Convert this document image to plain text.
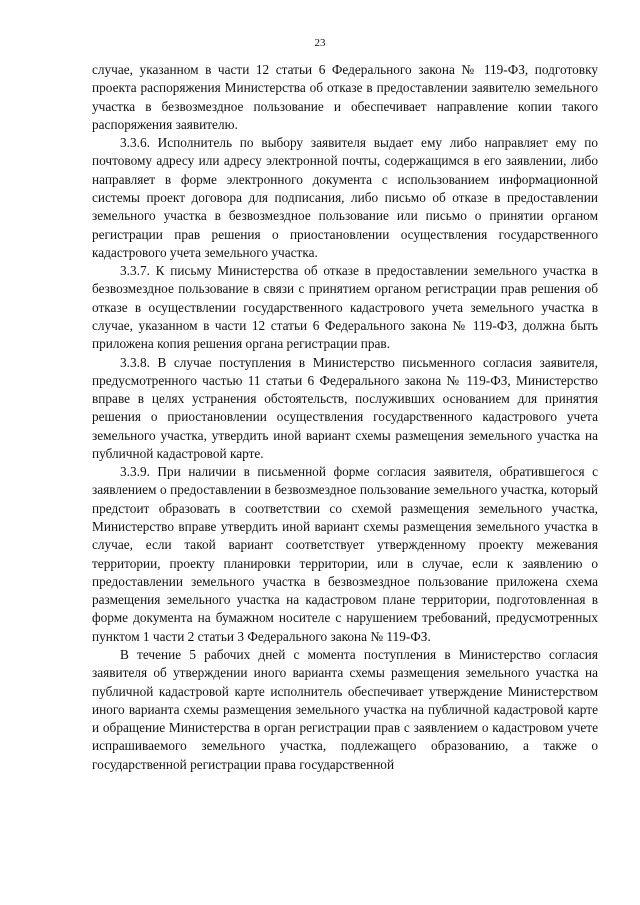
23

случае, указанном в части 12 статьи 6 Федерального закона № 119-ФЗ, подготовку проекта распоряжения Министерства об отказе в предоставлении заявителю земельного участка в безвозмездное пользование и обеспечивает направление копии такого распоряжения заявителю.

3.3.6. Исполнитель по выбору заявителя выдает ему либо направляет ему по почтовому адресу или адресу электронной почты, содержащимся в его заявлении, либо направляет в форме электронного документа с использованием информационной системы проект договора для подписания, либо письмо об отказе в предоставлении земельного участка в безвозмездное пользование или письмо о принятии органом регистрации прав решения о приостановлении осуществления государственного кадастрового учета земельного участка.

3.3.7. К письму Министерства об отказе в предоставлении земельного участка в безвозмездное пользование в связи с принятием органом регистрации прав решения об отказе в осуществлении государственного кадастрового учета земельного участка в случае, указанном в части 12 статьи 6 Федерального закона № 119-ФЗ, должна быть приложена копия решения органа регистрации прав.

3.3.8. В случае поступления в Министерство письменного согласия заявителя, предусмотренного частью 11 статьи 6 Федерального закона № 119-ФЗ, Министерство вправе в целях устранения обстоятельств, послуживших основанием для принятия решения о приостановлении осуществления государственного кадастрового учета земельного участка, утвердить иной вариант схемы размещения земельного участка на публичной кадастровой карте.

3.3.9. При наличии в письменной форме согласия заявителя, обратившегося с заявлением о предоставлении в безвозмездное пользование земельного участка, который предстоит образовать в соответствии со схемой размещения земельного участка, Министерство вправе утвердить иной вариант схемы размещения земельного участка в случае, если такой вариант соответствует утвержденному проекту межевания территории, проекту планировки территории, или в случае, если к заявлению о предоставлении земельного участка в безвозмездное пользование приложена схема размещения земельного участка на кадастровом плане территории, подготовленная в форме документа на бумажном носителе с нарушением требований, предусмотренных пунктом 1 части 2 статьи 3 Федерального закона № 119-ФЗ.

В течение 5 рабочих дней с момента поступления в Министерство согласия заявителя об утверждении иного варианта схемы размещения земельного участка на публичной кадастровой карте исполнитель обеспечивает утверждение Министерством иного варианта схемы размещения земельного участка на публичной кадастровой карте и обращение Министерства в орган регистрации прав с заявлением о кадастровом учете испрашиваемого земельного участка, подлежащего образованию, а также о государственной регистрации права государственной
